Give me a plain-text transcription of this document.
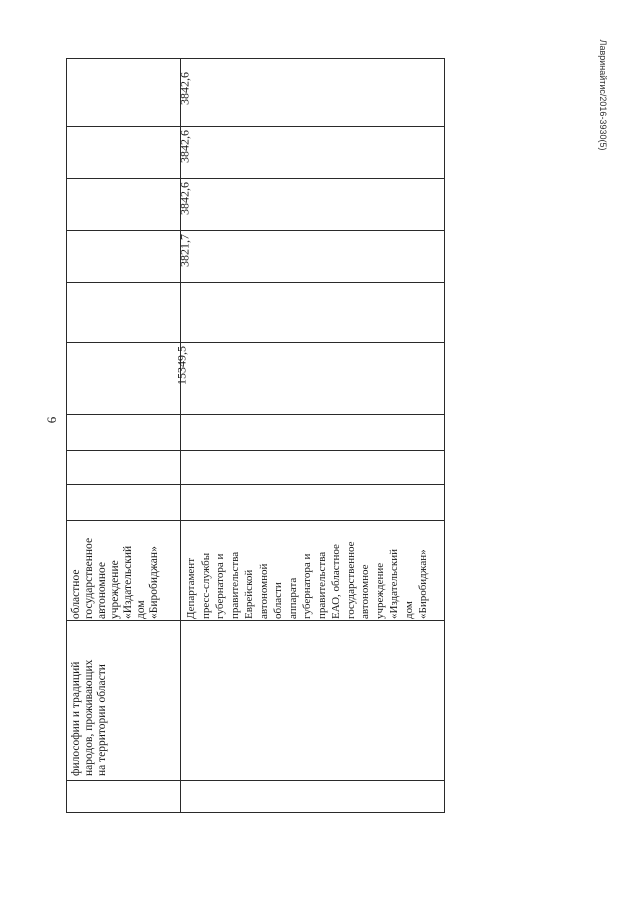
6
Лавринайтис/2016-3930(5)
философии и традиций народов, проживающих на территории области
областное государственное автономное учреждение «Издательский дом «Биробиджан» Департамент пресс-службы губернатора и правительства Еврейской автономной области аппарата губернатора и правительства ЕАО, областное государственное автономное учреждение «Издательский дом «Биробиджан»
15349,5
3821,7
3842,6
3842,6
3842,6
